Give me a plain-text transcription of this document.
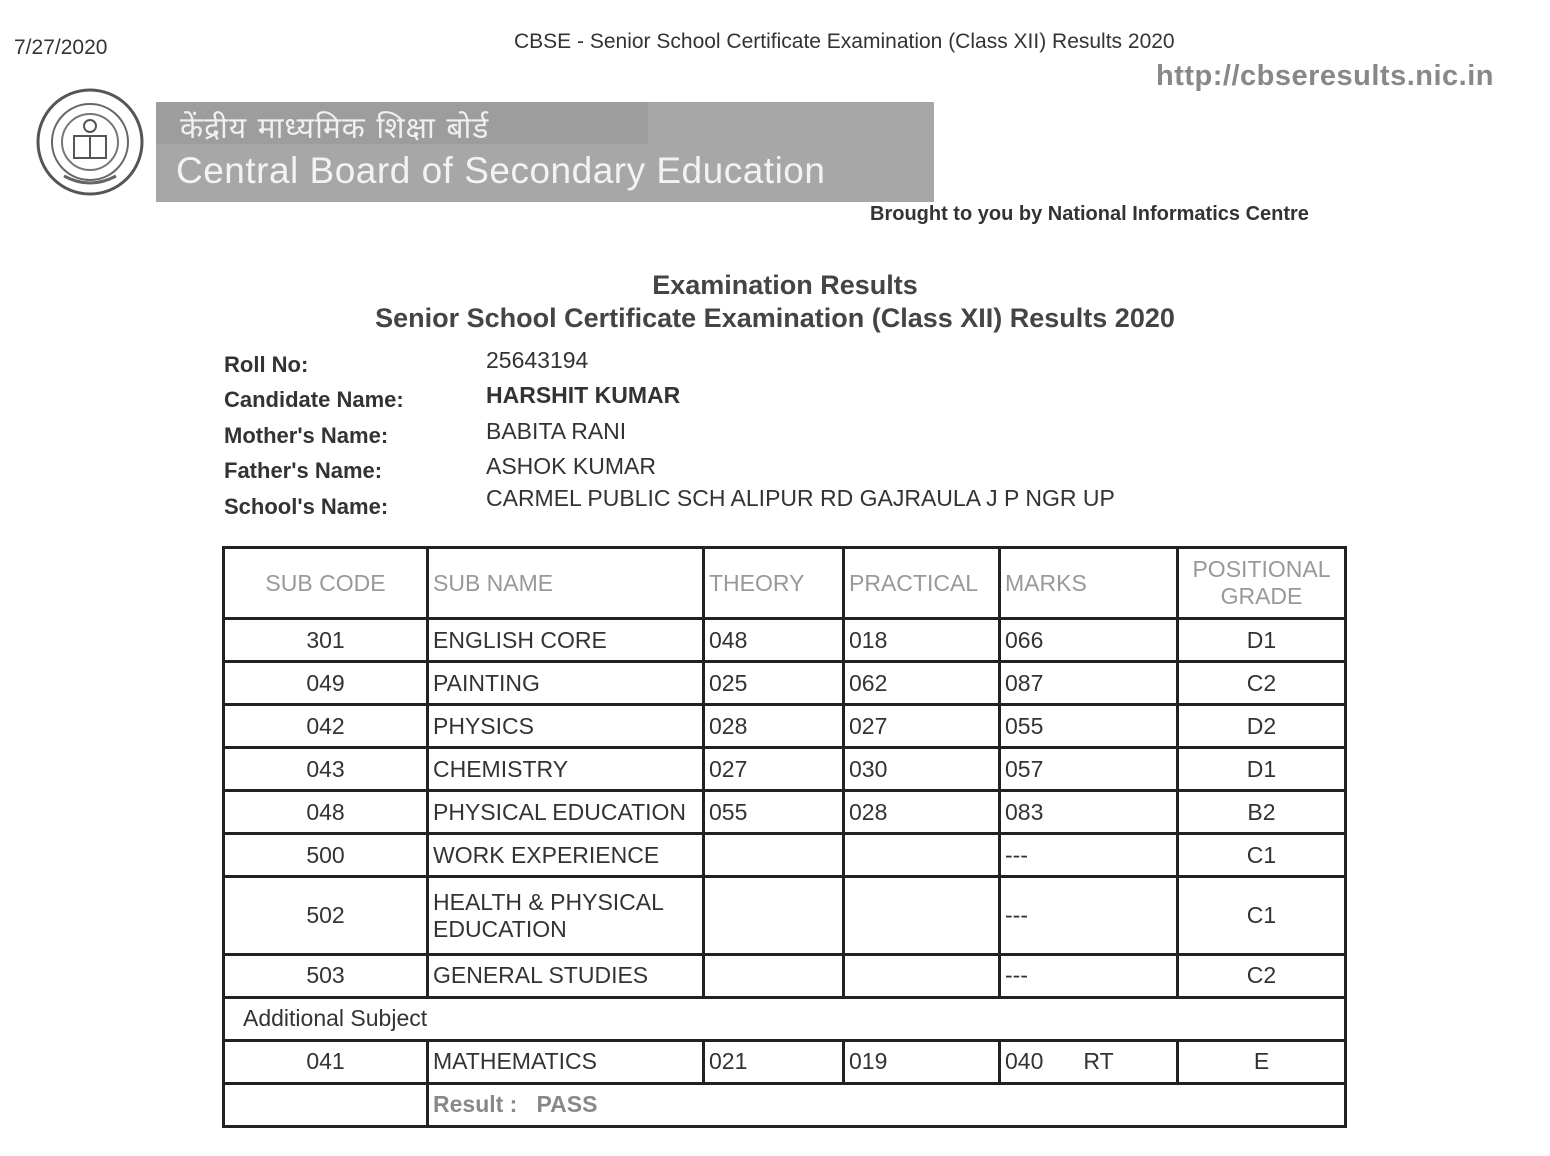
7/27/2020	CBSE - Senior School Certificate Examination (Class XII) Results 2020
http://cbseresults.nic.in
केंद्रीय माध्यमिक शिक्षा बोर्ड
Central Board of Secondary Education
Brought to you by National Informatics Centre
Examination Results
Senior School Certificate Examination (Class XII) Results 2020
Roll No:	25643194
Candidate Name:	HARSHIT KUMAR
Mother's Name:	BABITA RANI
Father's Name:	ASHOK KUMAR
School's Name:	CARMEL PUBLIC SCH ALIPUR RD GAJRAULA J P NGR UP
SUB CODE	SUB NAME	THEORY	PRACTICAL	MARKS	POSITIONAL GRADE
301	ENGLISH CORE	048	018	066	D1
049	PAINTING	025	062	087	C2
042	PHYSICS	028	027	055	D2
043	CHEMISTRY	027	030	057	D1
048	PHYSICAL EDUCATION	055	028	083	B2
500	WORK EXPERIENCE			---	C1
502	HEALTH & PHYSICAL EDUCATION			---	C1
503	GENERAL STUDIES			---	C2
Additional Subject					
041	MATHEMATICS	021	019	040 RT	E
	Result : PASS				
